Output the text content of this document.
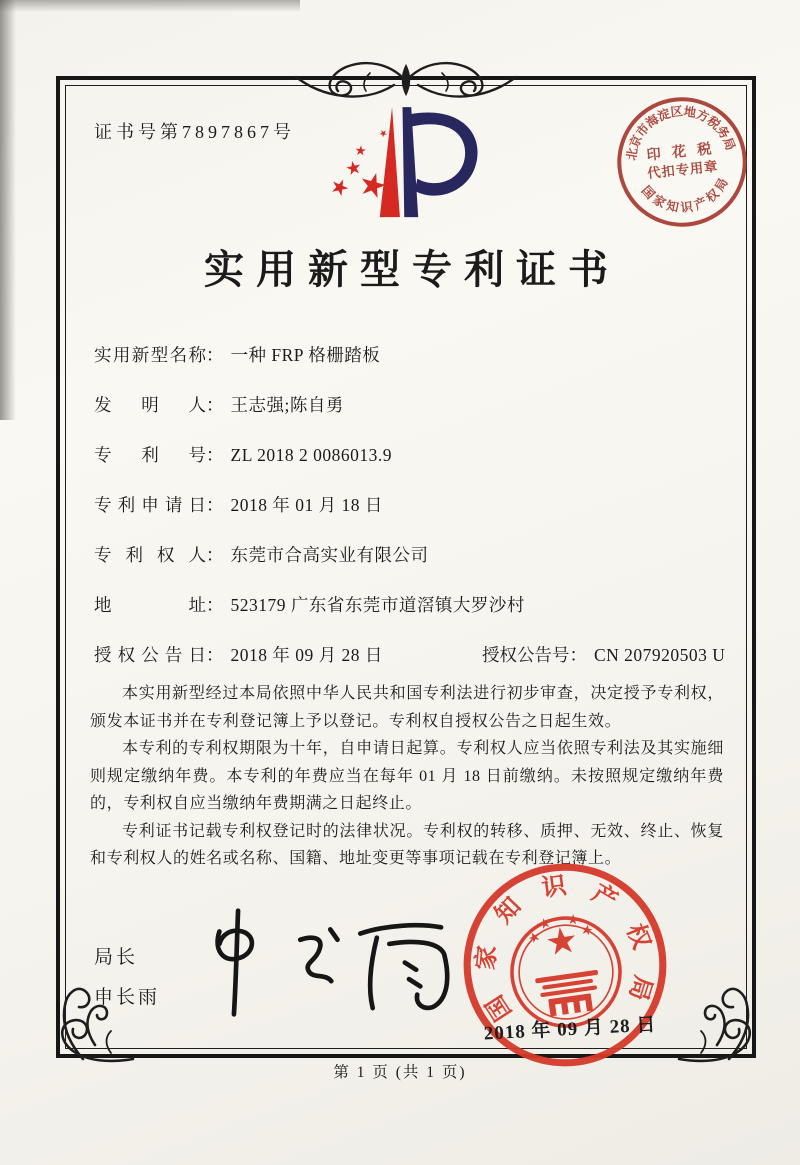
证书号第7897867号
北
京
市
海
淀
区 地
方
税
务
局
印 花 税
代扣专用章
国
家
知 识
产
权
局
实用新型专利证书
实用新型名称： 一种 FRP 格栅踏板
发明人： 王志强;陈自勇
专利号： ZL 2018 2 0086013.9
专利申请日： 2018 年 01 月 18 日
专利权人： 东莞市合高实业有限公司
地址： 523179 广东省东莞市道滘镇大罗沙村
授权公告日： 2018 年 09 月 28 日	授权公告号： CN 207920503 U

本实用新型经过本局依照中华人民共和国专利法进行初步审查，决定授予专利权，颁发本证书并在专利登记簿上予以登记。专利权自授权公告之日起生效。

本专利的专利权期限为十年，自申请日起算。专利权人应当依照专利法及其实施细则规定缴纳年费。本专利的年费应当在每年 01 月 18 日前缴纳。未按照规定缴纳年费的，专利权自应当缴纳年费期满之日起终止。

专利证书记载专利权登记时的法律状况。专利权的转移、质押、无效、终止、恢复和专利权人的姓名或名称、国籍、地址变更等事项记载在专利登记簿上。

局长
申长雨	国
家
知
识 产
权
局
2018 年 09 月 28 日
第 1 页 (共 1 页)
